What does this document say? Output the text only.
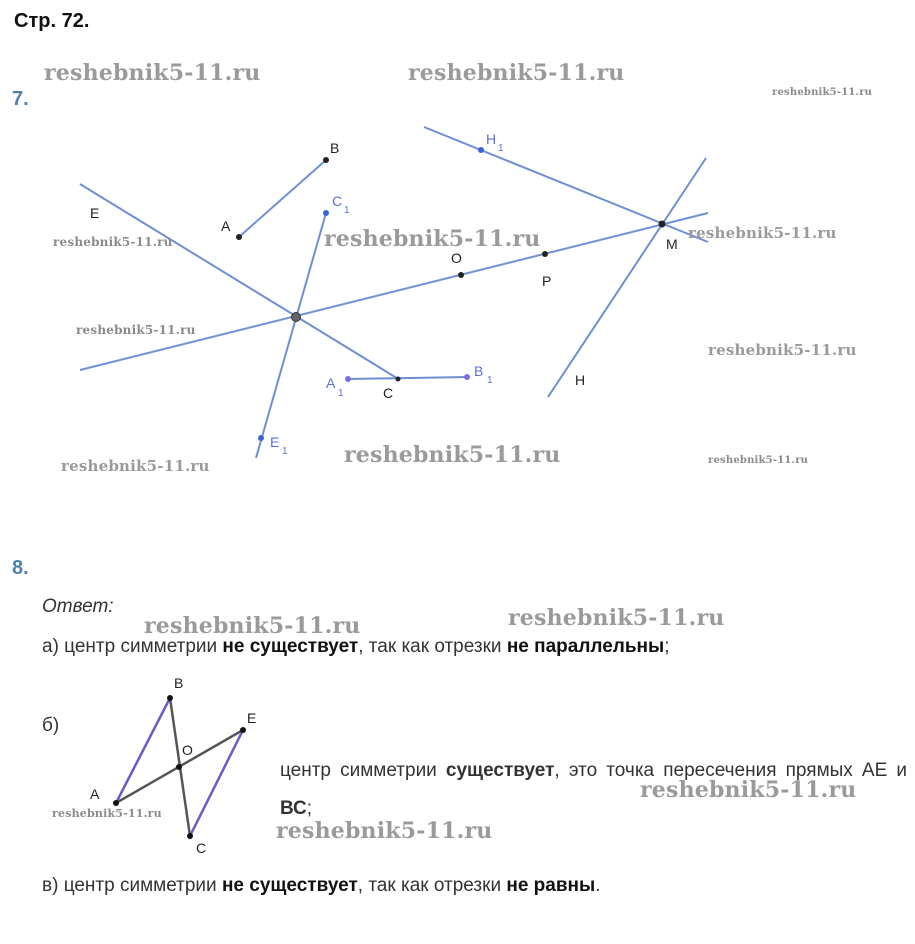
Стр. 72.
7.
A
B
C
1
E
E
1
O
P
M
H
H
1
C
A
1
B
1
8.
Ответ:
а) центр симметрии не существует, так как отрезки не параллельны;
б)
A
B
C
E
O
центр симметрии существует, это точка пересечения прямых АЕ и ВС;
в) центр симметрии не существует, так как отрезки не равны.
reshebnik5-11.ru	reshebnik5-11.ru
reshebnik5-11.ru
reshebnik5-11.ru
reshebnik5-11.ru	reshebnik5-11.ru
reshebnik5-11.ru
reshebnik5-11.ru
reshebnik5-11.ru
reshebnik5-11.ru	reshebnik5-11.ru
reshebnik5-11.ru
reshebnik5-11.ru
reshebnik5-11.ru
reshebnik5-11.ru
reshebnik5-11.ru
